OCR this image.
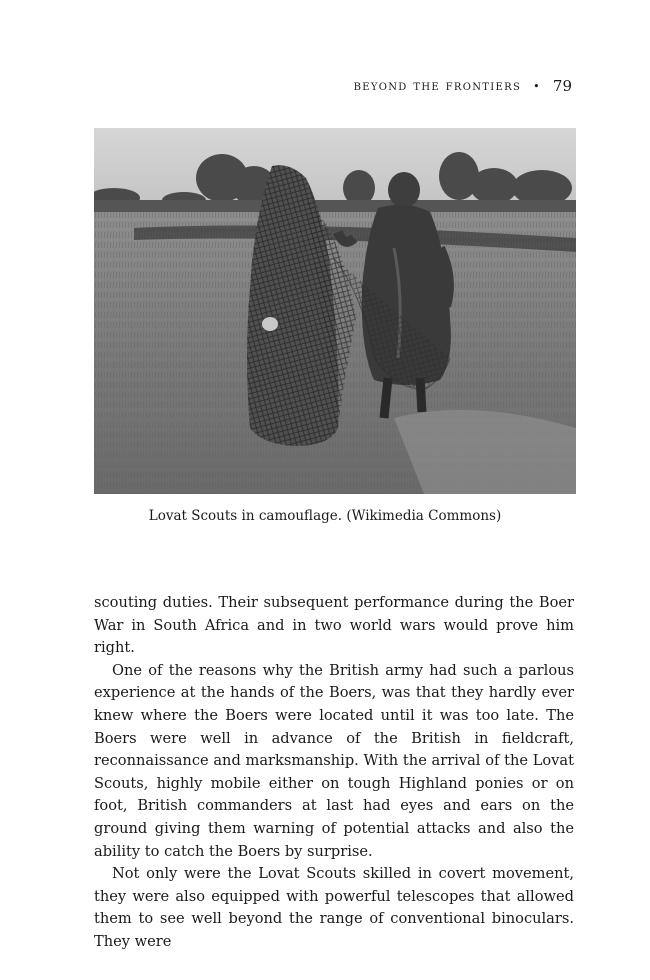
beyond the frontiers • 79
Lovat Scouts in camouflage. (Wikimedia Commons)

scouting duties. Their subsequent performance during the Boer War in South Africa and in two world wars would prove him right.

One of the reasons why the British army had such a parlous experience at the hands of the Boers, was that they hardly ever knew where the Boers were located until it was too late. The Boers were well in advance of the British in fieldcraft, reconnaissance and marksmanship. With the arrival of the Lovat Scouts, highly mobile either on tough Highland ponies or on foot, British commanders at last had eyes and ears on the ground giving them warning of potential attacks and also the ability to catch the Boers by surprise.

Not only were the Lovat Scouts skilled in covert movement, they were also equipped with powerful telescopes that allowed them to see well beyond the range of conventional binoculars. They were
